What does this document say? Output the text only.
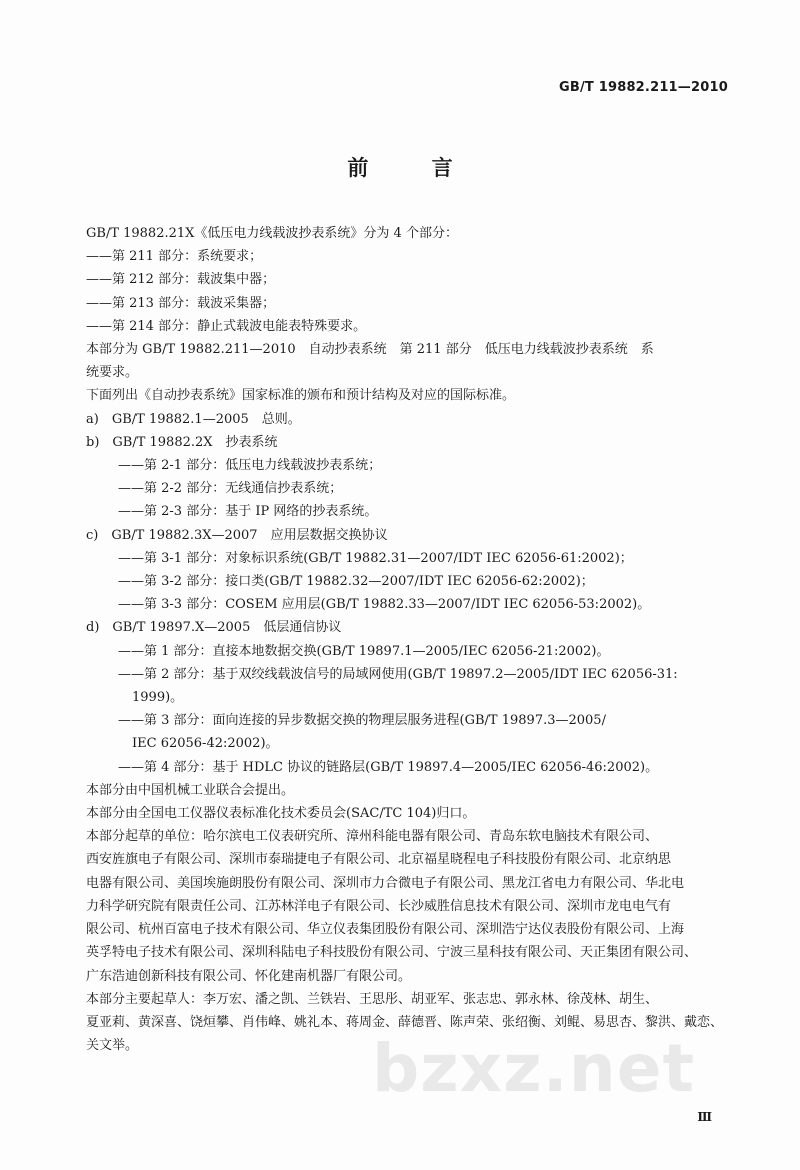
GB/T 19882.211—2010
前 言

GB/T 19882.21X《低压电力线载波抄表系统》分为 4 个部分：

——第 211 部分：系统要求；

——第 212 部分：载波集中器；

——第 213 部分：载波采集器；

——第 214 部分：静止式载波电能表特殊要求。

本部分为 GB/T 19882.211—2010　自动抄表系统　第 211 部分　低压电力线载波抄表系统　系

统要求。

下面列出《自动抄表系统》国家标准的颁布和预计结构及对应的国际标准。

a)　GB/T 19882.1—2005　总则。

b)　GB/T 19882.2X　抄表系统

——第 2-1 部分：低压电力线载波抄表系统；

——第 2-2 部分：无线通信抄表系统；

——第 2-3 部分：基于 IP 网络的抄表系统。

c)　GB/T 19882.3X—2007　应用层数据交换协议

——第 3-1 部分：对象标识系统(GB/T 19882.31—2007/IDT IEC 62056-61:2002)；

——第 3-2 部分：接口类(GB/T 19882.32—2007/IDT IEC 62056-62:2002)；

——第 3-3 部分：COSEM 应用层(GB/T 19882.33—2007/IDT IEC 62056-53:2002)。

d)　GB/T 19897.X—2005　低层通信协议

——第 1 部分：直接本地数据交换(GB/T 19897.1—2005/IEC 62056-21:2002)。

——第 2 部分：基于双绞线载波信号的局域网使用(GB/T 19897.2—2005/IDT IEC 62056-31:

1999)。

——第 3 部分：面向连接的异步数据交换的物理层服务进程(GB/T 19897.3—2005/

IEC 62056-42:2002)。

——第 4 部分：基于 HDLC 协议的链路层(GB/T 19897.4—2005/IEC 62056-46:2002)。

本部分由中国机械工业联合会提出。

本部分由全国电工仪器仪表标准化技术委员会(SAC/TC 104)归口。

本部分起草的单位：哈尔滨电工仪表研究所、漳州科能电器有限公司、青岛东软电脑技术有限公司、

西安旌旗电子有限公司、深圳市泰瑞捷电子有限公司、北京福星晓程电子科技股份有限公司、北京纳思

电器有限公司、美国埃施朗股份有限公司、深圳市力合微电子有限公司、黑龙江省电力有限公司、华北电

力科学研究院有限责任公司、江苏林洋电子有限公司、长沙威胜信息技术有限公司、深圳市龙电电气有

限公司、杭州百富电子技术有限公司、华立仪表集团股份有限公司、深圳浩宁达仪表股份有限公司、上海

英孚特电子技术有限公司、深圳科陆电子科技股份有限公司、宁波三星科技有限公司、天正集团有限公司、

广东浩迪创新科技有限公司、怀化建南机器厂有限公司。

本部分主要起草人：李万宏、潘之凯、兰铁岩、王思彤、胡亚军、张志忠、郭永林、徐茂林、胡生、

夏亚莉、黄深喜、饶烜攀、肖伟峰、姚礼本、蒋周金、薛德晋、陈声荣、张绍衡、刘鲲、易思杏、黎洪、戴恋、

关文举。	bzxz.net
Ⅲ
